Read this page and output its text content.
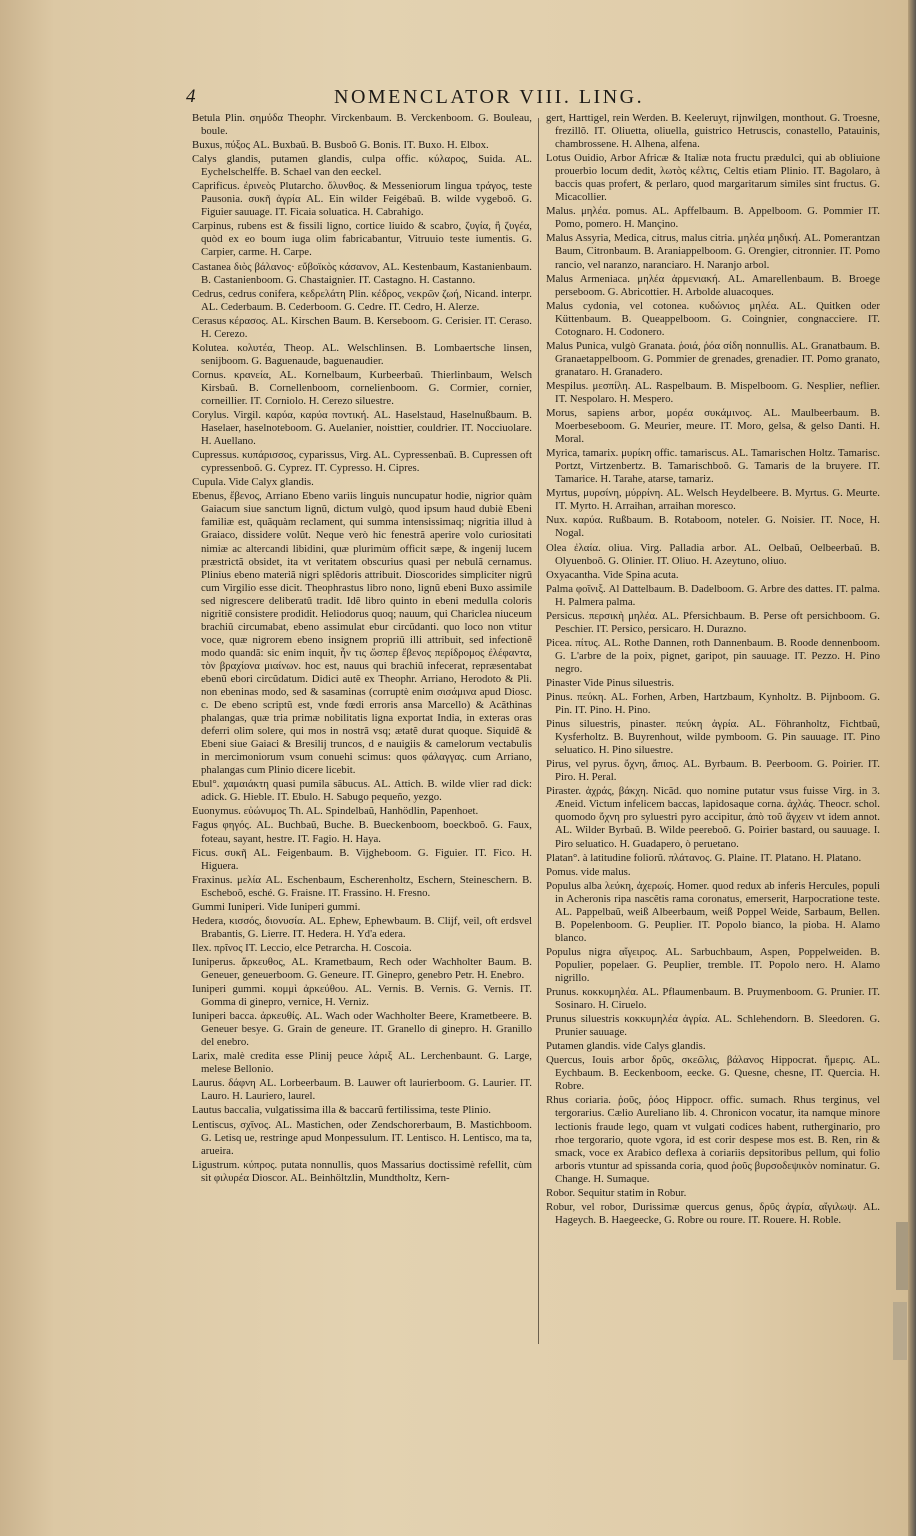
4	NOMENCLATOR VIII. LING.
Betula Plin. σημύδα Theophr. Virckenbaum. B. Verckenboom. G. Bouleau, boule.
Buxus, πύξος AL. Buxbaũ. B. Busboõ G. Bonis. IT. Buxo. H. Elbox.
Calys glandis, putamen glandis, culpa offic. κύλαρος, Suida. AL. Eychelschelffe. B. Schael van den eeckel.
Caprificus. ἐρινεὸς Plutarcho. ὄλυνθος. & Messeniorum lingua τράγος, teste Pausonia. συκῆ ἀγρία AL. Ein wilder Feigébaũ. B. wilde vygeboõ. G. Figuier sauuage. IT. Ficaia soluatica. H. Cabrahigo.
Carpinus, rubens est & fissili ligno, cortice liuido & scabro, ζυγία, ἢ ζυγέα, quòd ex eo boum iuga olim fabricabantur, Vitruuio teste iumentis. G. Carpier, carme. H. Carpe.
Castanea διὸς βάλανος· εὔβοϊκὸς κάσανον, AL. Kestenbaum, Kastanienbaum. B. Castanienboom. G. Chastaignier. IT. Castagno. H. Castanno.
Cedrus, cedrus conifera, κεδρελάτη Plin. κέδρος, νεκρῶν ζωή, Nicand. interpr. AL. Cederbaum. B. Cederboom. G. Cedre. IT. Cedro, H. Alerze.
Cerasus κέρασος. AL. Kirschen Baum. B. Kerseboom. G. Cerisier. IT. Ceraso. H. Cerezo.
Kolutea. κολυτέα, Theop. AL. Welschlinsen. B. Lombaertsche linsen, senijboom. G. Baguenaude, baguenaudier.
Cornus. κρανεία, AL. Kornelbaum, Kurbeerbaũ. Thierlinbaum, Welsch Kirsbaũ. B. Cornellenboom, cornelienboom. G. Cormier, cornier, corneillier. IT. Corniolo. H. Cerezo siluestre.
Corylus. Virgil. καρύα, καρύα ποντική. AL. Haselstaud, Haselnußbaum. B. Haselaer, haselnoteboom. G. Auelanier, noisttier, couldrier. IT. Nocciuolare. H. Auellano.
Cupressus. κυπάρισσος, cyparissus, Virg. AL. Cypressenbaũ. B. Cupressen oft cypressenboõ. G. Cyprez. IT. Cypresso. H. Cipres.
Cupula. Vide Calyx glandis.
Ebenus, ἔβενος, Arriano Ebeno variis linguis nuncupatur hodie, nigrior quàm Gaiacum siue sanctum lignũ, dictum vulgò, quod ipsum haud dubiè Ebeni familiæ est, quãquàm reclament, qui summa intensissimaq; nigritia illud à Graiaco, dissidere volũt. Neque verò hic fenestrã aperire volo curiositati nimiæ ac altercandi libidini, quæ plurimùm officit sæpe, & ingenij lucem præstrictã obsidet, ita vt veritatem obscurius quasi per nebulã cernamus. Plinius ebeno materiã nigri splẽdoris attribuit. Dioscorides simpliciter nigrũ cum Virgilio esse dicit. Theophrastus libro nono, lignũ ebeni Buxo assimile sed nigrescere deliberatũ tradit. Idẽ libro quinto in ebeni medulla coloris nigritiẽ consistere prodidit. Heliodorus quoq; nauum, qui Chariclea niuceum brachiũ circumabat, ebeno assimulat ebur circũdanti. quo loco non vtitur voce, quæ nigrorem ebeno insignem propriũ illi attribuit, sed infectionẽ modo quandã: sic enim inquit, ἦν τις ὥσπερ ἔβενος περίδρομος ἐλέφαντα, τὸν βραχίονα μιαίνων. hoc est, nauus qui brachiũ infecerat, repræsentabat ebenũ ebori circũdatum. Didici autẽ ex Theophr. Arriano, Herodoto & Pli. non ebeninas modo, sed & sasaminas (corruptè enim σισάμινα apud Diosc. c. De ebeno scriptũ est, vnde fœdi erroris ansa Marcello) & Acãthinas phalangas, quæ tria primæ nobilitatis ligna exportat India, in exteras oras deferri olim solere, qui mos in nostrã vsq; ætatẽ durat quoque. Siquidẽ & Ebeni siue Gaiaci & Bresilij truncos, d e nauigiis & camelorum vectabulis in mercimoniorum vsum conuehi scimus: quos φάλαγγας. cum Arriano, phalangas cum Plinio dicere licebit.
Ebul°. χαμαιάκτη quasi pumila sãbucus. AL. Attich. B. wilde vlier rad dick: adick. G. Hieble. IT. Ebulo. H. Sabugo pequeño, yezgo.
Euonymus. εὐώνυμος Th. AL. Spindelbaũ, Hanhödlin, Papenhoet.
Fagus φηγός. AL. Buchbaũ, Buche. B. Bueckenboom, boeckboõ. G. Faux, foteau, sayant, hestre. IT. Fagio. H. Haya.
Ficus. συκῆ AL. Feigenbaum. B. Vijgheboom. G. Figuier. IT. Fico. H. Higuera.
Fraxinus. μελία AL. Eschenbaum, Escherenholtz, Eschern, Steineschern. B. Escheboõ, esché. G. Fraisne. IT. Frassino. H. Fresno.
Gummi Iuniperi. Vide Iuniperi gummi.
Hedera, κισσός, διονυσία. AL. Ephew, Ephewbaum. B. Clijf, veil, oft erdsvel Brabantis, G. Lierre. IT. Hedera. H. Yd'a edera.
Ilex. πρῖνος IT. Leccio, elce Petrarcha. H. Coscoia.
Iuniperus. ἄρκευθος, AL. Krametbaum, Rech oder Wachholter Baum. B. Geneuer, geneuerboom. G. Geneure. IT. Ginepro, genebro Petr. H. Enebro.
Iuniperi gummi. κομμὶ ἀρκεύθου. AL. Vernis. B. Vernis. G. Vernis. IT. Gomma di ginepro, vernice, H. Verniz.
Iuniperi bacca. ἀρκευθίς. AL. Wach oder Wachholter Beere, Krametbeere. B. Geneuer besye. G. Grain de geneure. IT. Granello di ginepro. H. Granillo del enebro.
Larix, malè credita esse Plinij peuce λάριξ AL. Lerchenbaunt. G. Large, melese Bellonio.
Laurus. δάφνη AL. Lorbeerbaum. B. Lauwer oft laurierboom. G. Laurier. IT. Lauro. H. Lauriero, laurel.
Lautus baccalia, vulgatissima illa & baccarũ fertilissima, teste Plinio.
Lentiscus, σχῖνος. AL. Mastichen, oder Zendschorerbaum, B. Mastichboom. G. Letisq ue, restringe apud Monpessulum. IT. Lentisco. H. Lentisco, ma ta, arueira.
Ligustrum. κύπρος. putata nonnullis, quos Massarius doctissimè refellit, cùm sit φιλυρέα Dioscor. AL. Beinhöltzlin, Mundtholtz, Kern-
gert, Harttigel, rein Werden. B. Keeleruyt, rijnwilgen, monthout. G. Troesne, frezillõ. IT. Oliuetta, oliuella, guistrico Hetruscis, conastello, Patauinis, chambrossene. H. Alhena, alfena.
Lotus Ouidio, Arbor Africæ & Italiæ nota fructu prædulci, qui ab obliuione prouerbio locum dedit, λωτὸς κέλτις, Celtis etiam Plinio. IT. Bagolaro, à baccis quas profert, & perlaro, quod margaritarum similes sint fructus. G. Micacollier.
Malus. μηλέα. pomus. AL. Apffelbaum. B. Appelboom. G. Pommier IT. Pomo, pomero. H. Mançino.
Malus Assyria, Medica, citrus, malus citria. μηλέα μηδική. AL. Pomerantzan Baum, Citronbaum. B. Araniappelboom. G. Orengier, citronnier. IT. Pomo rancio, vel naranzo, naranciaro. H. Naranjo arbol.
Malus Armeniaca. μηλέα ἀρμενιακή. AL. Amarellenbaum. B. Broege perseboom. G. Abricottier. H. Arbolde aluacoques.
Malus cydonia, vel cotonea. κυδώνιος μηλέα. AL. Quitken oder Küttenbaum. B. Queappelboom. G. Coingnier, congnacciere. IT. Cotognaro. H. Codonero.
Malus Punica, vulgò Granata. ῥοιά, ῥόα σίδη nonnullis. AL. Granatbaum. B. Granaetappelboom. G. Pommier de grenades, grenadier. IT. Pomo granato, granataro. H. Granadero.
Mespilus. μεσπίλη. AL. Raspelbaum. B. Mispelboom. G. Nesplier, neflier. IT. Nespolaro. H. Mespero.
Morus, sapiens arbor, μορέα συκάμινος. AL. Maulbeerbaum. B. Moerbeseboom. G. Meurier, meure. IT. Moro, gelsa, & gelso Danti. H. Moral.
Myrica, tamarix. μυρίκη offic. tamariscus. AL. Tamarischen Holtz. Tamarisc. Portzt, Virtzenbertz. B. Tamarischboõ. G. Tamaris de la bruyere. IT. Tamarice. H. Tarahe, atarse, tamariz.
Myrtus, μυρσίνη, μύρρίνη. AL. Welsch Heydelbeere. B. Myrtus. G. Meurte. IT. Myrto. H. Arraihan, arraihan moresco.
Nux. καρύα. Rußbaum. B. Rotaboom, noteler. G. Noisier. IT. Noce, H. Nogal.
Olea ἐλαία. oliua. Virg. Palladia arbor. AL. Oelbaũ, Oelbeerbaũ. B. Olyuenboõ. G. Olinier. IT. Oliuo. H. Azeytuno, oliuo.
Oxyacantha. Vide Spina acuta.
Palma φοῖνιξ. Al Dattelbaum. B. Dadelboom. G. Arbre des dattes. IT. palma. H. Palmera palma.
Persicus. περσικὴ μηλέα. AL. Pfersichbaum. B. Perse oft persichboom. G. Peschier. IT. Persico, persicaro. H. Durazno.
Picea. πίτυς. AL. Rothe Dannen, roth Dannenbaum. B. Roode dennenboom. G. L'arbre de la poix, pignet, garipot, pin sauuage. IT. Pezzo. H. Pino negro.
Pinaster Vide Pinus siluestris.
Pinus. πεύκη. AL. Forhen, Arben, Hartzbaum, Kynholtz. B. Pijnboom. G. Pin. IT. Pino. H. Pino.
Pinus siluestris, pinaster. πεύκη ἀγρία. AL. Föhranholtz, Fichtbaũ, Kysferholtz. B. Buyrenhout, wilde pymboom. G. Pin sauuage. IT. Pino seluatico. H. Pino siluestre.
Pirus, vel pyrus. ὄχνη, ἄπιος. AL. Byrbaum. B. Peerboom. G. Poirier. IT. Piro. H. Peral.
Piraster. ἀχράς, βάκχη. Nicãd. quo nomine putatur vsus fuisse Virg. in 3. Æneid. Victum infelicem baccas, lapidosaque corna. ἀχλάς. Theocr. schol. quomodo ὄχνη pro syluestri pyro accipitur, ἀπὸ τοῦ ἄγχειν vt idem annot. AL. Wilder Byrbaũ. B. Wilde peereboõ. G. Poirier bastard, ou sauuage. I. Piro seluatico. H. Guadapero, ò peruetano.
Platan°. à latitudine foliorũ. πλάτανος. G. Plaine. IT. Platano. H. Platano.
Pomus. vide malus.
Populus alba λεύκη, ἀχερωίς. Homer. quod redux ab inferis Hercules, populi in Acheronis ripa nascẽtis rama coronatus, emerserit, Harpocratione teste. AL. Pappelbaũ, weiß Albeerbaum, weiß Poppel Weide, Sarbaum, Bellen. B. Popelenboom. G. Peuplier. IT. Popolo bianco, la pioba. H. Alamo blanco.
Populus nigra αἴγειρος. AL. Sarbuchbaum, Aspen, Poppelweiden. B. Populier, popelaer. G. Peuplier, tremble. IT. Popolo nero. H. Alamo nigrillo.
Prunus. κοκκυμηλέα. AL. Pflaumenbaum. B. Pruymenboom. G. Prunier. IT. Sosinaro. H. Ciruelo.
Prunus siluestris κοκκυμηλέα ἀγρία. AL. Schlehendorn. B. Sleedoren. G. Prunier sauuage.
Putamen glandis. vide Calys glandis.
Quercus, Iouis arbor δρῦς, σκεῶλις, βάλανος Hippocrat. ἥμερις. AL. Eychbaum. B. Eeckenboom, eecke. G. Quesne, chesne, IT. Quercia. H. Robre.
Rhus coriaria. ῥοῦς, ῥόος Hippocr. offic. sumach. Rhus terginus, vel tergorarius. Cælio Aureliano lib. 4. Chronicon vocatur, ita namque minore lectionis fraude lego, quam vt vulgati codices habent, rutherginario, pro rhoe tergorario, quote vgora, id est corir despese mos est. B. Ren, rin & smack, voce ex Arabico deflexa à coriariis depsitoribus pellum, qui folio arboris vtuntur ad spissanda coria, quod ῥοῦς βυρσοδεψικὸν nominatur. G. Change. H. Sumaque.
Robor. Sequitur statim in Robur.
Robur, vel robor, Durissimæ quercus genus, δρῦς ἀγρία, αἴγιλωψ. AL. Hageych. B. Haegeecke, G. Robre ou roure. IT. Rouere. H. Roble.
